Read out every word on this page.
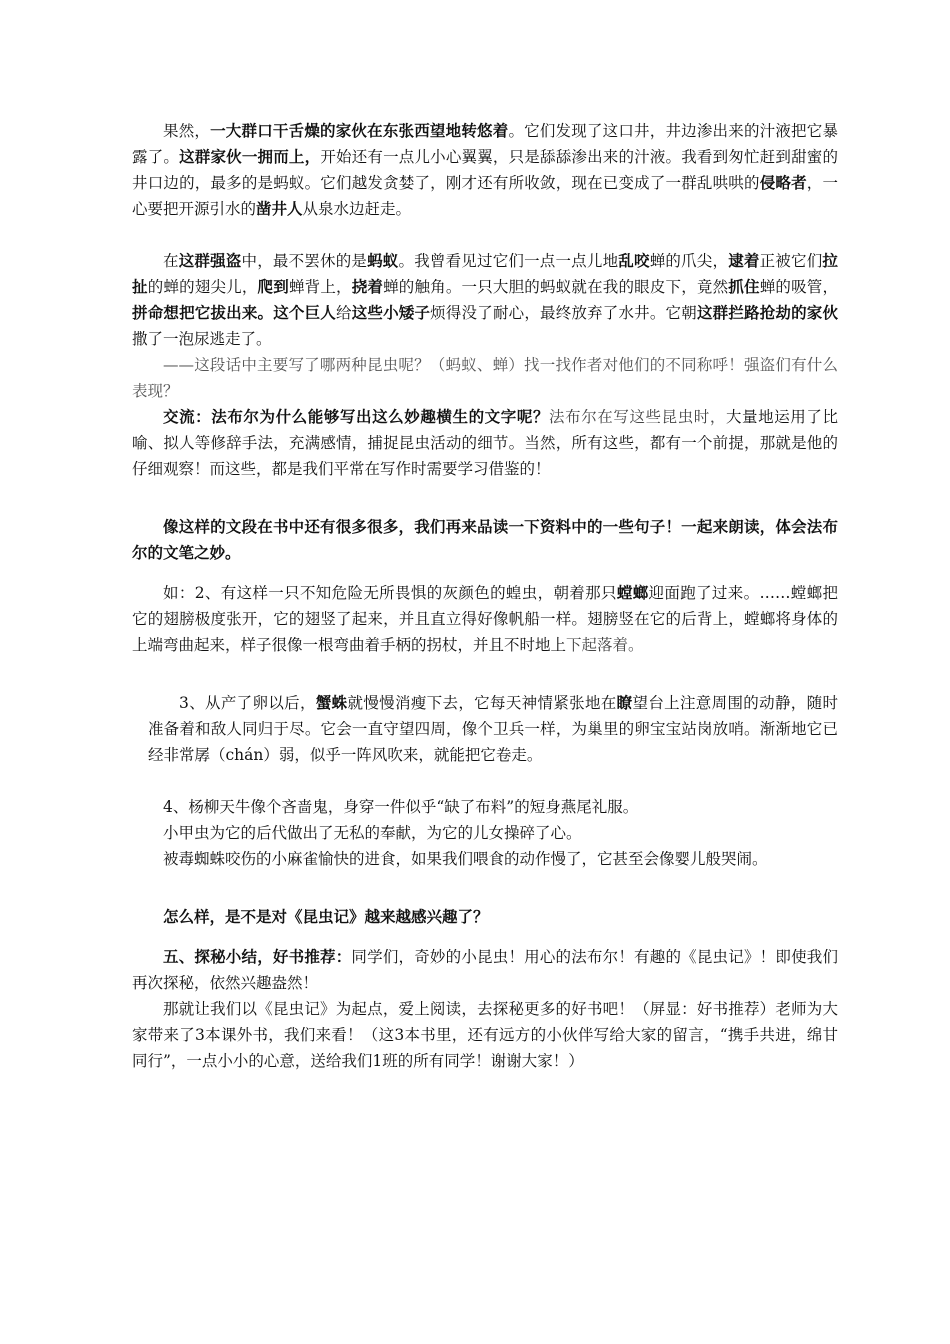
果然，一大群口干舌燥的家伙在东张西望地转悠着。它们发现了这口井，井边渗出来的汁液把它暴露了。这群家伙一拥而上，开始还有一点儿小心翼翼，只是舔舔渗出来的汁液。我看到匆忙赶到甜蜜的井口边的，最多的是蚂蚁。它们越发贪婪了，刚才还有所收敛，现在已变成了一群乱哄哄的侵略者，一心要把开源引水的凿井人从泉水边赶走。

在这群强盗中，最不罢休的是蚂蚁。我曾看见过它们一点一点儿地乱咬蝉的爪尖，逮着正被它们拉扯的蝉的翅尖儿，爬到蝉背上，挠着蝉的触角。一只大胆的蚂蚁就在我的眼皮下，竟然抓住蝉的吸管，拼命想把它拔出来。这个巨人给这些小矮子烦得没了耐心，最终放弃了水井。它朝这群拦路抢劫的家伙撒了一泡尿逃走了。

——这段话中主要写了哪两种昆虫呢？（蚂蚁、蝉）找一找作者对他们的不同称呼！强盗们有什么表现？

交流：法布尔为什么能够写出这么妙趣横生的文字呢？法布尔在写这些昆虫时，大量地运用了比喻、拟人等修辞手法，充满感情，捕捉昆虫活动的细节。当然，所有这些，都有一个前提，那就是他的仔细观察！而这些，都是我们平常在写作时需要学习借鉴的！

像这样的文段在书中还有很多很多，我们再来品读一下资料中的一些句子！一起来朗读，体会法布尔的文笔之妙。

如：2、有这样一只不知危险无所畏惧的灰颜色的蝗虫，朝着那只螳螂迎面跑了过来。……螳螂把它的翅膀极度张开，它的翅竖了起来，并且直立得好像帆船一样。翅膀竖在它的后背上，螳螂将身体的上端弯曲起来，样子很像一根弯曲着手柄的拐杖，并且不时地上下起落着。

3、从产了卵以后，蟹蛛就慢慢消瘦下去，它每天神情紧张地在瞭望台上注意周围的动静，随时准备着和敌人同归于尽。它会一直守望四周，像个卫兵一样，为巢里的卵宝宝站岗放哨。渐渐地它已经非常孱（chán）弱，似乎一阵风吹来，就能把它卷走。

4、杨柳天牛像个吝啬鬼，身穿一件似乎“缺了布料”的短身燕尾礼服。

小甲虫为它的后代做出了无私的奉献，为它的儿女操碎了心。

被毒蜘蛛咬伤的小麻雀愉快的进食，如果我们喂食的动作慢了，它甚至会像婴儿般哭闹。

怎么样，是不是对《昆虫记》越来越感兴趣了？

五、探秘小结，好书推荐：同学们，奇妙的小昆虫！用心的法布尔！有趣的《昆虫记》！即使我们再次探秘，依然兴趣盎然！

那就让我们以《昆虫记》为起点，爱上阅读，去探秘更多的好书吧！（屏显：好书推荐）老师为大家带来了3本课外书，我们来看！（这3本书里，还有远方的小伙伴写给大家的留言，“携手共进，绵甘同行”，一点小小的心意，送给我们1班的所有同学！谢谢大家！）
